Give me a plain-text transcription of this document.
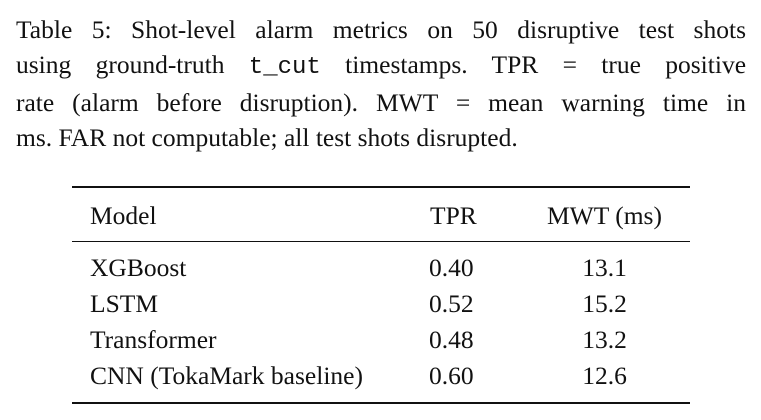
Table 5: Shot-level alarm metrics on 50 disruptive test shots
using ground-truth t_cut timestamps. TPR = true positive
rate (alarm before disruption). MWT = mean warning time in
ms. FAR not computable; all test shots disrupted.
Model	TPR	MWT (ms)
XGBoost	0.40	13.1
LSTM	0.52	15.2
Transformer	0.48	13.2
CNN (TokaMark baseline)	0.60	12.6
